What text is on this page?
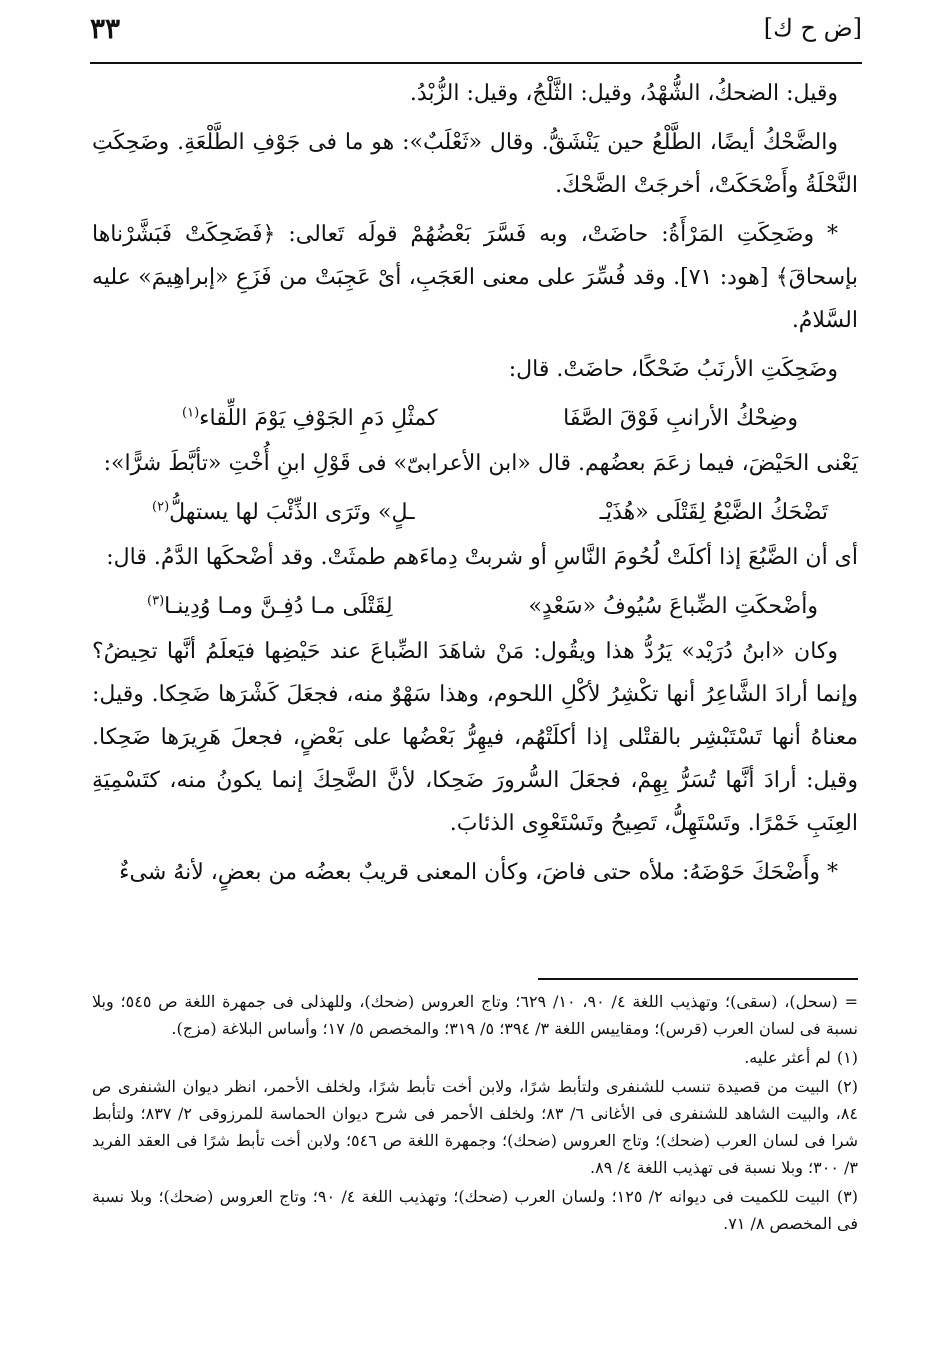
[ض ح ك]
٣٣

وقيل: الضحكُ، الشُّهْدُ، وقيل: الثَّلْجُ، وقيل: الزُّبْدُ.

والضَّحْكُ أيضًا، الطَّلْعُ حين يَنْشَقُّ. وقال «ثَعْلَبٌ»: هو ما فى جَوْفِ الطَّلْعَةِ. وضَحِكَتِ النَّحْلَةُ وأَضْحَكَتْ، أخرجَتْ الضَّحْكَ.

* وضَحِكَتِ المَرْأَةُ: حاضَتْ، وبه فَسَّرَ بَعْضُهُمْ قولَه تَعالى: ﴿فَضَحِكَتْ فَبَشَّرْناها بإسحاقَ﴾ [هود: ٧١]. وقد فُسِّرَ على معنى العَجَبِ، أىْ عَجِبَتْ من فَزَعِ «إبراهِيمَ» عليه السَّلامُ.

وضَحِكَتِ الأرنَبُ ضَحْكًا، حاضَتْ. قال:

وضِحْكُ الأرانبِ فَوْقَ الصَّفَا
كمثْلِ دَمِ الجَوْفِ يَوْمَ اللِّقاء$^{(١)}$

يَعْنى الحَيْضَ، فيما زعَمَ بعضُهم. قال «ابن الأعرابىّ» فى قَوْلِ ابنِ أُخْتِ «تأبَّطَ شرًّا»:

تَضْحَكُ الضَّبْعُ لِقَتْلَى «هُذَيْـ
ـلٍ» وتَرَى الذِّئْبَ لها يستهلُّ$^{(٢)}$

أى أن الضَّبُعَ إذا أكلَتْ لُحُومَ النَّاسِ أو شربتْ دِماءَهم طمثَتْ. وقد أضْحكَها الدَّمُ. قال:

وأضْحكَتِ الضِّباعَ سُيُوفُ «سَعْدٍ»
لِقَتْلَى مـا دُفِـنَّ ومـا وُدِينـا$^{(٣)}$

وكان «ابنُ دُرَيْد» يَرُدُّ هذا ويقُول: مَنْ شاهَدَ الضِّباعَ عند حَيْضِها فيَعلَمُ أنَّها تحِيضُ؟ وإنما أرادَ الشَّاعِرُ أنها تكْشِرُ لأكْلِ اللحوم، وهذا سَهْوٌ منه، فجعَلَ كَشْرَها ضَحِكا. وقيل: معناهُ أنها تَسْتَبْشِر بالقتْلى إذا أكلَتْهُم، فيهِرُّ بَعْضُها على بَعْضٍ، فجعلَ هَرِيرَها ضَحِكا. وقيل: أرادَ أنَّها تُسَرُّ بِهِمْ، فجعَلَ السُّرورَ ضَحِكا، لأنَّ الضَّحِكَ إنما يكونُ منه، كتَسْمِيَةِ العِنَبِ خَمْرًا. وتَسْتَهِلُّ، تَصِيحُ وتَسْتَعْوِى الذئابَ.

* وأَضْحَكَ حَوْضَهُ: ملأه حتى فاضَ، وكأن المعنى قريبٌ بعضُه من بعضٍ، لأنهُ شىءٌ

= (سحل)، (سقى)؛ وتهذيب اللغة ٤/ ٩٠، ١٠/ ٦٢٩؛ وتاج العروس (ضحك)، وللهذلى فى جمهرة اللغة ص ٥٤٥؛ وبلا نسبة فى لسان العرب (قرس)؛ ومقاييس اللغة ٣/ ٣٩٤؛ ٥/ ٣١٩؛ والمخصص ٥/ ١٧؛ وأساس البلاغة (مزج).

(١) لم أعثر عليه.

(٢) البيت من قصيدة تنسب للشنفرى ولتأبط شرًا، ولابن أخت تأبط شرًا، ولخلف الأحمر، انظر ديوان الشنفرى ص ٨٤، والبيت الشاهد للشنفرى فى الأغانى ٦/ ٨٣؛ ولخلف الأحمر فى شرح ديوان الحماسة للمرزوقى ٢/ ٨٣٧؛ ولتأبط شرا فى لسان العرب (ضحك)؛ وتاج العروس (ضحك)؛ وجمهرة اللغة ص ٥٤٦؛ ولابن أخت تأبط شرًا فى العقد الفريد ٣/ ٣٠٠؛ وبلا نسبة فى تهذيب اللغة ٤/ ٨٩.

(٣) البيت للكميت فى ديوانه ٢/ ١٢٥؛ ولسان العرب (ضحك)؛ وتهذيب اللغة ٤/ ٩٠؛ وتاج العروس (ضحك)؛ وبلا نسبة فى المخصص ٨/ ٧١.
